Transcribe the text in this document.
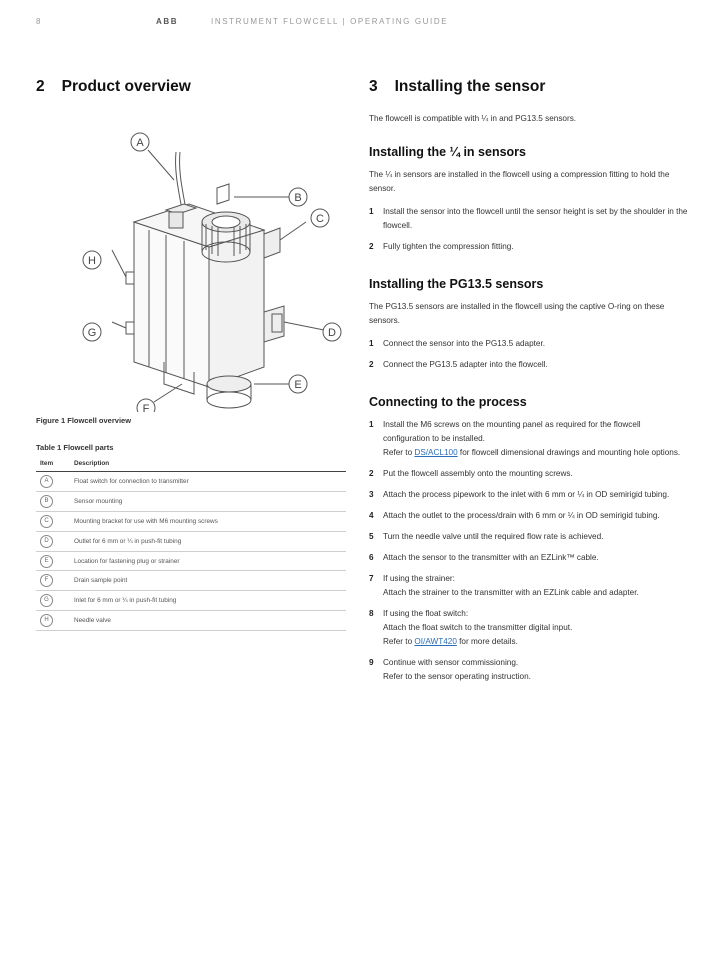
8	ABB	INSTRUMENT FLOWCELL | OPERATING GUIDE
2 Product overview
A
B
C
D
E
F
G
H
Figure 1 Flowcell overview
Table 1 Flowcell parts
Item	Description
A	Float switch for connection to transmitter
B	Sensor mounting
C	Mounting bracket for use with M6 mounting screws
D	Outlet for 6 mm or ¼ in push-fit tubing
E	Location for fastening plug or strainer
F	Drain sample point
G	Inlet for 6 mm or ¼ in push-fit tubing
H	Needle valve
3 Installing the sensor

The flowcell is compatible with ¼ in and PG13.5 sensors.

Installing the ¼ in sensors

The ¼ in sensors are installed in the flowcell using a compression fitting to hold the sensor.

1 Install the sensor into the flowcell until the sensor height is set by the shoulder in the flowcell.
2 Fully tighten the compression fitting.
Installing the PG13.5 sensors

The PG13.5 sensors are installed in the flowcell using the captive O-ring on these sensors.

1 Connect the sensor into the PG13.5 adapter.
2 Connect the PG13.5 adapter into the flowcell.
Connecting to the process
1 Install the M6 screws on the mounting panel as required for the flowcell configuration to be installed.
Refer to DS/ACL100 for flowcell dimensional drawings and mounting hole options.
2 Put the flowcell assembly onto the mounting screws.
3 Attach the process pipework to the inlet with 6 mm or ¼ in OD semirigid tubing.
4 Attach the outlet to the process/drain with 6 mm or ¼ in OD semirigid tubing.
5 Turn the needle valve until the required flow rate is achieved.
6 Attach the sensor to the transmitter with an EZLink™ cable.
7 If using the strainer:
Attach the strainer to the transmitter with an EZLink cable and adapter.
8 If using the float switch:
Attach the float switch to the transmitter digital input.
Refer to OI/AWT420 for more details.
9 Continue with sensor commissioning.
Refer to the sensor operating instruction.
